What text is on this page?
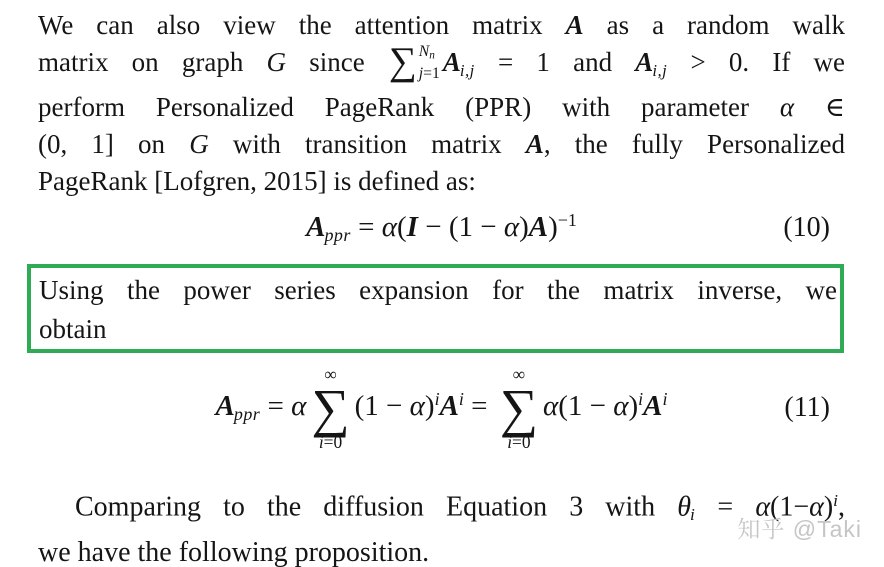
We can also view the attention matrix A as a random walk
matrix on graph G since ∑ Nn
j=1 Ai,j = 1 and Ai,j > 0. If we
perform Personalized PageRank (PPR) with parameter α ∈
(0, 1] on G with transition matrix A, the fully Personalized
PageRank [Lofgren, 2015] is defined as:
Appr = $\alpha(I - (1 - \alpha)A)^{-1}$	(10)
Using the power series expansion for the matrix inverse, we
obtain
Appr = α
∞
∑
i=0
$(1 - \alpha)^iA^i$ =
∞
∑
i=0
$\alpha(1 - \alpha)^iA^i$	(11)
Comparing to the diffusion Equation 3 with $\theta i = \alpha(1-\alpha)^i$,
we have the following proposition.
知乎 @Taki
